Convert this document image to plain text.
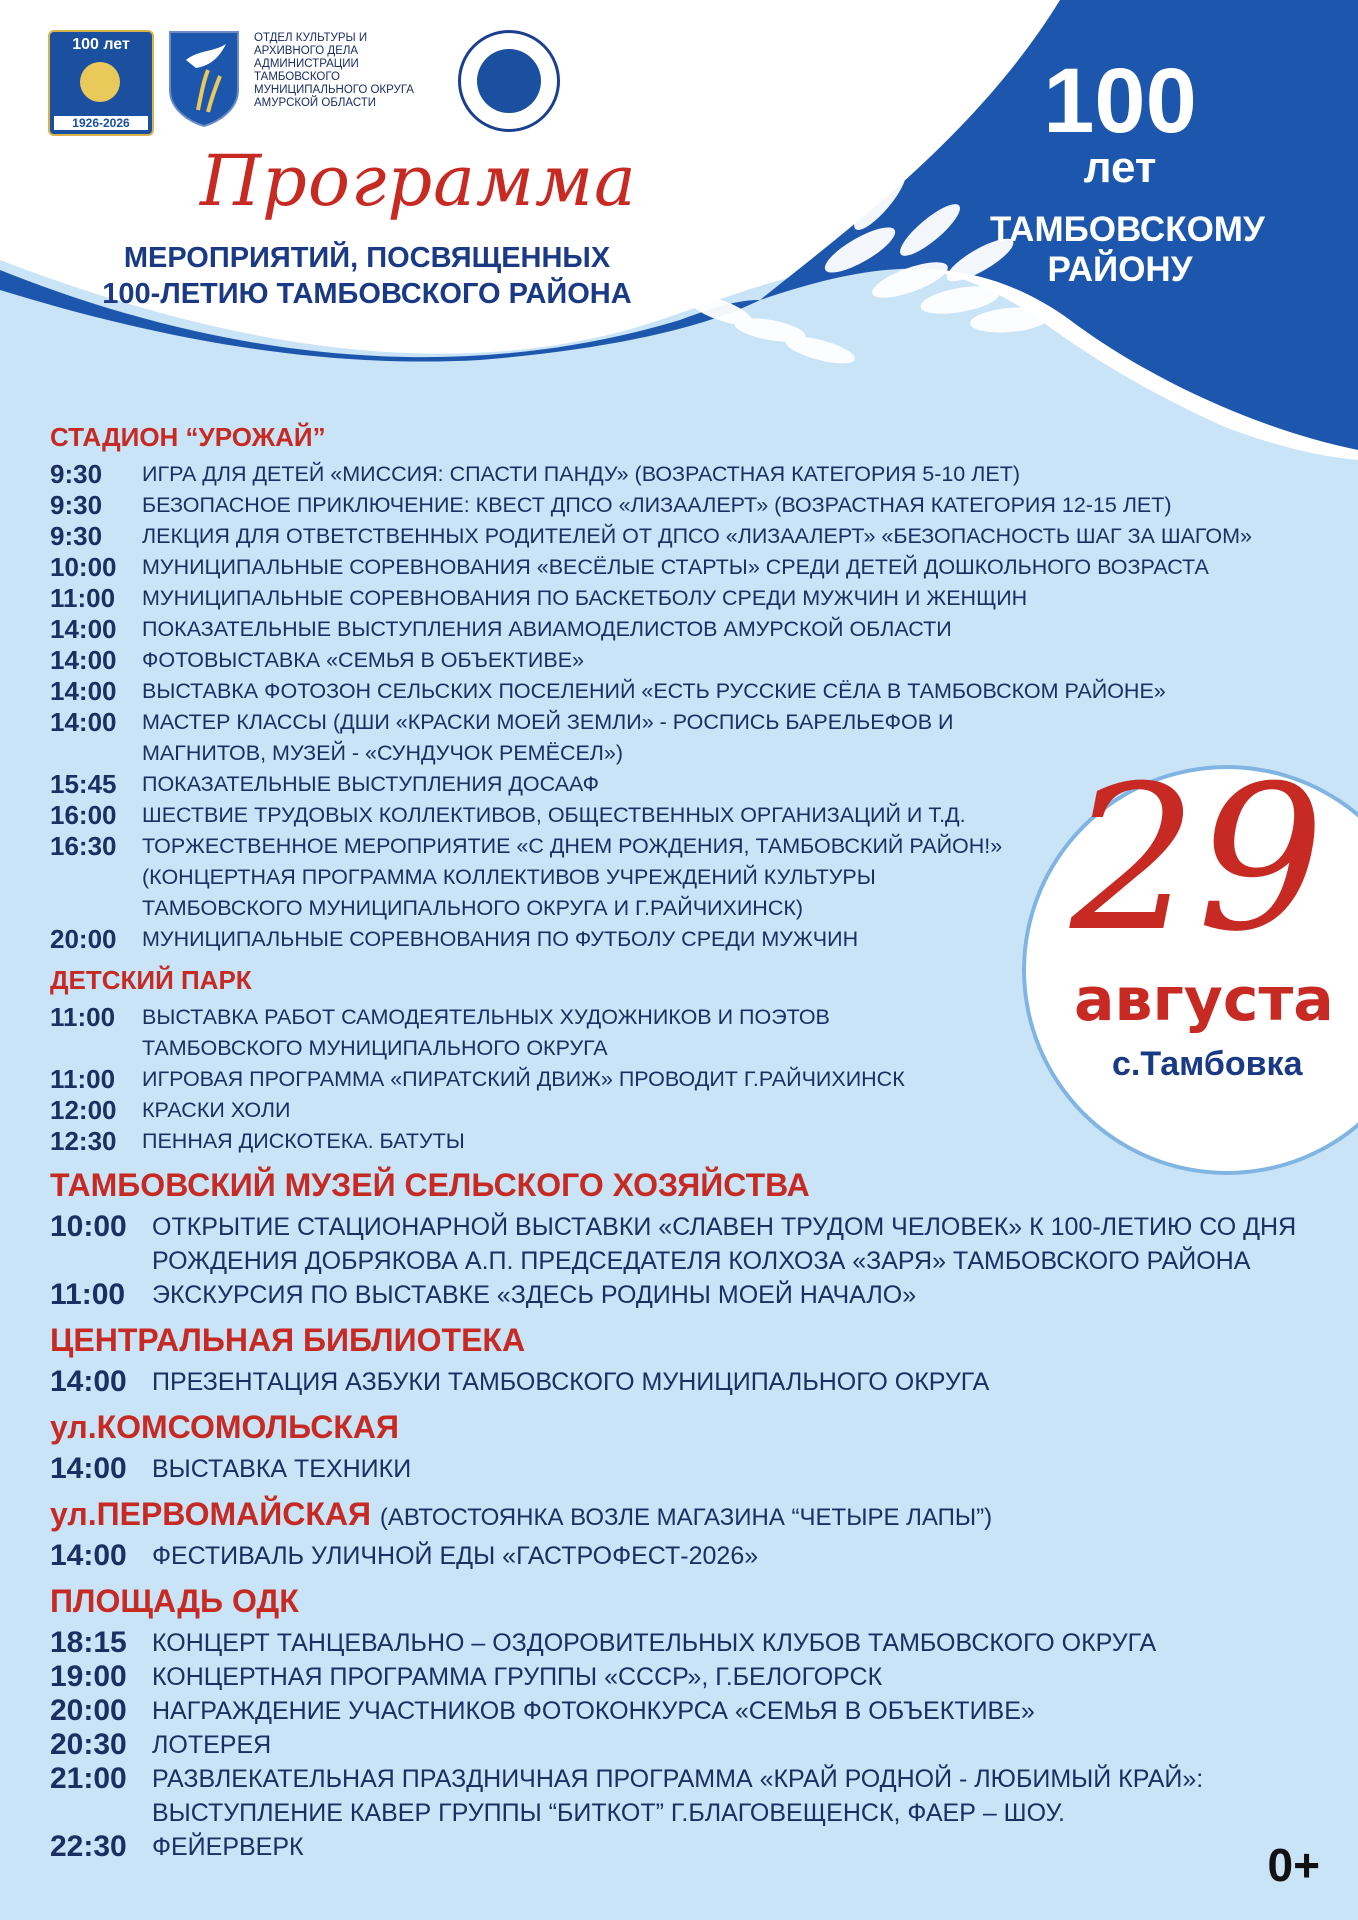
100 лет
1926-2026
ОТДЕЛ КУЛЬТУРЫ И АРХИВНОГО ДЕЛА АДМИНИСТРАЦИИ ТАМБОВСКОГО МУНИЦИПАЛЬНОГО ОКРУГА АМУРСКОЙ ОБЛАСТИ
Программа
МЕРОПРИЯТИЙ, ПОСВЯЩЕННЫХ
100-ЛЕТИЮ ТАМБОВСКОГО РАЙОНА
100
лет
ТАМБОВСКОМУ
РАЙОНУ
29
августа
с.Тамбовка
СТАДИОН “УРОЖАЙ”
9:30	ИГРА ДЛЯ ДЕТЕЙ «МИССИЯ: СПАСТИ ПАНДУ» (ВОЗРАСТНАЯ КАТЕГОРИЯ 5-10 ЛЕТ)
9:30	БЕЗОПАСНОЕ ПРИКЛЮЧЕНИЕ: КВЕСТ ДПСО «ЛИЗААЛЕРТ» (ВОЗРАСТНАЯ КАТЕГОРИЯ 12-15 ЛЕТ)
9:30	ЛЕКЦИЯ ДЛЯ ОТВЕТСТВЕННЫХ РОДИТЕЛЕЙ ОТ ДПСО «ЛИЗААЛЕРТ» «БЕЗОПАСНОСТЬ ШАГ ЗА ШАГОМ»
10:00	МУНИЦИПАЛЬНЫЕ СОРЕВНОВАНИЯ «ВЕСЁЛЫЕ СТАРТЫ» СРЕДИ ДЕТЕЙ ДОШКОЛЬНОГО ВОЗРАСТА
11:00	МУНИЦИПАЛЬНЫЕ СОРЕВНОВАНИЯ ПО БАСКЕТБОЛУ СРЕДИ МУЖЧИН И ЖЕНЩИН
14:00	ПОКАЗАТЕЛЬНЫЕ ВЫСТУПЛЕНИЯ АВИАМОДЕЛИСТОВ АМУРСКОЙ ОБЛАСТИ
14:00	ФОТОВЫСТАВКА «СЕМЬЯ В ОБЪЕКТИВЕ»
14:00	ВЫСТАВКА ФОТОЗОН СЕЛЬСКИХ ПОСЕЛЕНИЙ «ЕСТЬ РУССКИЕ СЁЛА В ТАМБОВСКОМ РАЙОНЕ»
14:00	МАСТЕР КЛАССЫ (ДШИ «КРАСКИ МОЕЙ ЗЕМЛИ» - РОСПИСЬ БАРЕЛЬЕФОВ И МАГНИТОВ, МУЗЕЙ - «СУНДУЧОК РЕМЁСЕЛ»)
15:45	ПОКАЗАТЕЛЬНЫЕ ВЫСТУПЛЕНИЯ ДОСААФ
16:00	ШЕСТВИЕ ТРУДОВЫХ КОЛЛЕКТИВОВ, ОБЩЕСТВЕННЫХ ОРГАНИЗАЦИЙ И Т.Д.
16:30	ТОРЖЕСТВЕННОЕ МЕРОПРИЯТИЕ «С ДНЕМ РОЖДЕНИЯ, ТАМБОВСКИЙ РАЙОН!» (КОНЦЕРТНАЯ ПРОГРАММА КОЛЛЕКТИВОВ УЧРЕЖДЕНИЙ КУЛЬТУРЫ ТАМБОВСКОГО МУНИЦИПАЛЬНОГО ОКРУГА И Г.РАЙЧИХИНСК)
20:00	МУНИЦИПАЛЬНЫЕ СОРЕВНОВАНИЯ ПО ФУТБОЛУ СРЕДИ МУЖЧИН
ДЕТСКИЙ ПАРК
11:00	ВЫСТАВКА РАБОТ САМОДЕЯТЕЛЬНЫХ ХУДОЖНИКОВ И ПОЭТОВ ТАМБОВСКОГО МУНИЦИПАЛЬНОГО ОКРУГА
11:00	ИГРОВАЯ ПРОГРАММА «ПИРАТСКИЙ ДВИЖ» ПРОВОДИТ Г.РАЙЧИХИНСК
12:00	КРАСКИ ХОЛИ
12:30	ПЕННАЯ ДИСКОТЕКА. БАТУТЫ
ТАМБОВСКИЙ МУЗЕЙ СЕЛЬСКОГО ХОЗЯЙСТВА
10:00	ОТКРЫТИЕ СТАЦИОНАРНОЙ ВЫСТАВКИ «СЛАВЕН ТРУДОМ ЧЕЛОВЕК» К 100-ЛЕТИЮ СО ДНЯ РОЖДЕНИЯ ДОБРЯКОВА А.П. ПРЕДСЕДАТЕЛЯ КОЛХОЗА «ЗАРЯ» ТАМБОВСКОГО РАЙОНА
11:00	ЭКСКУРСИЯ ПО ВЫСТАВКЕ «ЗДЕСЬ РОДИНЫ МОЕЙ НАЧАЛО»
ЦЕНТРАЛЬНАЯ БИБЛИОТЕКА
14:00	ПРЕЗЕНТАЦИЯ АЗБУКИ ТАМБОВСКОГО МУНИЦИПАЛЬНОГО ОКРУГА
ул.КОМСОМОЛЬСКАЯ
14:00	ВЫСТАВКА ТЕХНИКИ
ул.ПЕРВОМАЙСКАЯ (АВТОСТОЯНКА ВОЗЛЕ МАГАЗИНА “ЧЕТЫРЕ ЛАПЫ”)
14:00	ФЕСТИВАЛЬ УЛИЧНОЙ ЕДЫ «ГАСТРОФЕСТ-2026»
ПЛОЩАДЬ ОДК
18:15	КОНЦЕРТ ТАНЦЕВАЛЬНО – ОЗДОРОВИТЕЛЬНЫХ КЛУБОВ ТАМБОВСКОГО ОКРУГА
19:00	КОНЦЕРТНАЯ ПРОГРАММА ГРУППЫ «СССР», Г.БЕЛОГОРСК
20:00	НАГРАЖДЕНИЕ УЧАСТНИКОВ ФОТОКОНКУРСА «СЕМЬЯ В ОБЪЕКТИВЕ»
20:30	ЛОТЕРЕЯ
21:00	РАЗВЛЕКАТЕЛЬНАЯ ПРАЗДНИЧНАЯ ПРОГРАММА «КРАЙ РОДНОЙ - ЛЮБИМЫЙ КРАЙ»: ВЫСТУПЛЕНИЕ КАВЕР ГРУППЫ “БИТКОТ” Г.БЛАГОВЕЩЕНСК, ФАЕР – ШОУ.
22:30	ФЕЙЕРВЕРК	0+
